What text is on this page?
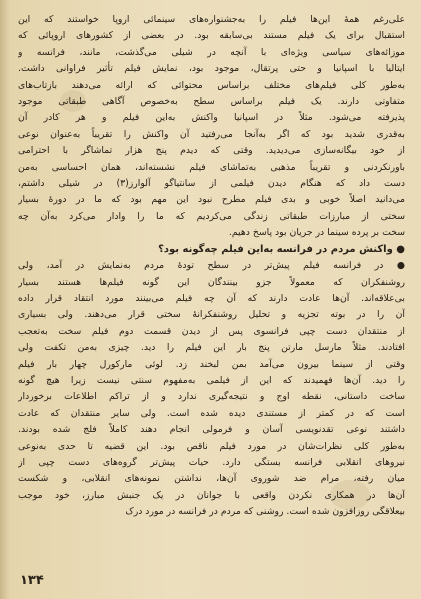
علی‌رغم همهٔ این‌ها فیلم را به‌جشنواره‌های سینمائی اروپا خواستند که این
استقبال برای یک فیلم مستند بی‌سابقه بود. در بعضی از کشورهای اروپائی که
موزائه‌های سیاسی ویژه‌ای با آنچه در شیلی می‌گذشت، مانند، فرانسه و
ایتالیا با اسپانیا و حتی پرتقال، موجود بود، نمایش فیلم تأثیر فراوانی داشت.
به‌طور کلی فیلم‌های مختلف براساس محتوائی که ارائه می‌دهند بازتاب‌های
متفاوتی دارند. یک فیلم براساس سطح به‌خصوص آگاهی طبقاتی موجود
پذیرفته می‌شود. مثلاً در اسپانیا واکنش به‌این فیلم و هر کادر آن
به‌قدری شدید بود که اگر به‌آنجا می‌رفتید آن واکنش را تقریباً به‌عنوان نوعی
از خود بیگانه‌سازی می‌دیدید. وقتی که دیدم پنج هزار تماشاگر با احترامی
باورنکردنی و تقریباً مذهبی به‌تماشای فیلم نشسته‌اند، همان احساسی به‌من
دست داد که هنگام دیدن فیلمی از سانتیاگو آلوارز(۳) در شیلی داشتم،
می‌دانید اصلاً خوبی و بدی فیلم مطرح نبود این مهم بود که ما در دورهٔ بسیار
سختی از مبارزات طبقاتی زندگی می‌کردیم که ما را وادار می‌کرد به‌آن چه
سخت بر پرده سینما در جریان بود پاسخ دهیم.
● واکنش مردم در فرانسه به‌این فیلم چه‌گونه بود؟
● در فرانسه فیلم پیش‌تر در سطح تودهٔ مردم به‌نمایش در آمد، ولی
روشنفکران که معمولاً جزو بینندگان این گونه فیلم‌ها هستند بسیار
بی‌علاقه‌اند. آن‌ها عادت دارند که آن چه فیلم می‌بینند مورد انتقاد قرار داده
آن را در بوته تجزیه و تحلیل روشنفکرانهٔ سختی قرار می‌دهند. ولی بسیاری
از منتقدان دست چپی فرانسوی پس از دیدن قسمت دوم فیلم سخت به‌تعجب
افتادند. مثلاً مارسل مارتن پنج بار این فیلم را دید. چیزی به‌من تکفت ولی
وقتی از سینما بیرون می‌آمد بمن لبخند زد. لوئی مارکورل چهار بار فیلم
را دید. آن‌ها فهمیدند که این از فیلمی به‌مفهوم سنتی نیست زیرا هیچ گونه
ساخت داستانی، نقطه اوج و نتیجه‌گیری ندارد و از تراکم اطلاعات برخوردار
است که در کمتر از مستندی دیده شده است. ولی سایر منتقدان که عادت
داشتند نوعی تقدنویسی آسان و فرمولی انجام دهند کاملاً فلج شده بودند.
به‌طور کلی نظرات‌شان در مورد فیلم ناقص بود. این قضیه تا حدی به‌نوعی
نیروهای انقلابی فرانسه بستگی دارد. حیات پیش‌تر گروه‌های دست چپی از
میان رفته، مرام ضد شوروی آن‌ها، نداشتن نمونه‌های انقلابی، و شکست
آن‌ها در همکاری نکردن واقعی با جوانان در یک جنبش مبارز، خود موجب
بیعلاقگی روزافزون شده است. روشنی که مردم در فرانسه در مورد درک
۱۳۴
